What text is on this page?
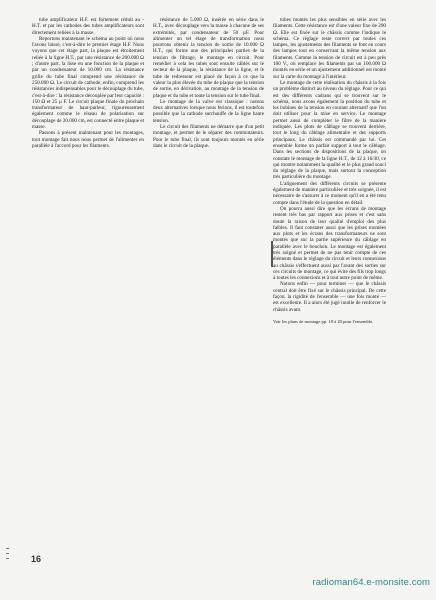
tube amplificateur H.F. est fortement réduit au - H.T. et par les cathodes des tubes amplificateurs sont directement reliées à la masse.

Reportons maintenant le schéma au point où nous l'avons laissé, c'est-à-dire le premier étage H.F. Nous voyons que cet étage part, la plaque est étroitement reliée à la ligne H.T., par une résistance de 200.000 Ω ; d'autre part, la lisse en une fonction de la plaque et par un condensateur de 10.000 cm. La résistance grille du tube final comprend une résistance de 250.000 Ω. Le circuit de cathode, enfin, comprend les résistances indispensables pour le découplage du tube, c'est-à-dire : la résistance découplée par leur capacité : 150 Ω et 25 µ F. Le circuit plaque finale du prochain transformateur de haut-parleur, rigoureusement également comme le réseau de polarisation sur découplage de 20.000 cm, est connecté entre plaque et masse.

Passons à présent maintenant pour les montages, tout montage fait nous nous permet de l'alimenter en parallèle à l'accord pour les filaments.

résistance de 5.000 Ω, insérée en série dans le H.T., avec découplage vers la masse à chacune de ses extrémités, par condensateur de 50 µF. Pour alimenter un tel étage de transformation nous pourrons obtenir la tension de sortie de 10.000 Ω H.T., qui forme une des principales parties de la tension de filtrage, le montage en circuit. Pour remédier à cela les tubes sont ensuite câblés sur le secteur de la plaque, la résistance de la ligne, et le tube de redresseur est placé de façon à ce que la valeur la plus élevée du tube de plaque que la tension de sortie, en dérivation, au montage de la tension de plaque et du tube et toute la tension sur le tube final.

Le montage de la valve est classique : notons deux alternatives lorsque nous ferions, il est toutefois possible que la cathode surchauffe de la ligne haute tension.

Le circuit des filaments ne démarre que d'un petit montage, et permet de le séparer des commutateurs. Pour le tube final, ils sont toujours montés en série dans le circuit de la plaque.

tubes montés les plus sensibles en série avec les filaments. Cette résistance est d'une valeur fixe de 290 Ω. Elle est fixée sur le châssis comme l'indique le schéma. Ce réglage reste correct par toutes ces lampes, les ajustements des filaments se font en cours des lampes tout en conservant la même tension aux filaments. Comme la tension de circuit est à peu près 100 V., on remplace les filaments par un 100.000 Ω montés en série et un ajustement additionnel est monté sur la carte du montage à l'intérieur.

Le montage de cette réalisation du châssis à la fois un problème distinct au niveau du réglage. Pour ce qui est des différents cadrans qui se trouvent sur le schéma, nous avons également la position du tube et les bobines de la tension en courant alternatif que l'on doit utiliser pour la mise en service. Le montage permet aussi de compléter le filtre de la manière indiquée. Les plots de câblage se trouvent derrière, tout le long du câblage alimentaire et des supports principaux. Le châssis est commandé par lui. Cet ensemble forme un parfait support à tout le câblage. Dans les sections de dispositions de la plaque, on constate le montage de la ligne H.T., de 12 à 16/30, ce qui montre notamment la qualité et le plus grand souci du réglage de la plaque, mais surtout la conception très particulière du montage.

L'alignement des différents circuits se présente également de manière particulière et très soignée, il est nécessaire de s'assurer à ce moment qu'il en a été tenu compte dans l'étude de la question en détail.

On pourra aussi dire que les écrans de montage restent très bas par rapport aux prises et c'est sans doute la raison de leur qualité d'emploi des plus faibles. Il faut constater aussi que les prises montées aux plots et les écrans des transformateurs ne sont montés que sur la partie supérieure du câblage en parallèle avec le bouchon. Le montage est également très soigné et permet de ne pas tenir compte de ces éléments dans le réglage du circuit et leurs connexions au châssis s'effectuent aussi par l'avant des sorties sur ces circuits de montage, ce qui évite des fils trop longs à toutes les connexions et à tout autre point de même.

Notons enfin — pour terminer — que le châssis central doit être fixé sur le châssis principal. De cette façon, la rigidité de l'ensemble — une fois monté — est excellente. Il a alors été jugé inutile de renforcer le châssis avant.

Voir les plans de montage pp. 18 à 20 pour l'ensemble.

16
radioman64.e-monsite.com
